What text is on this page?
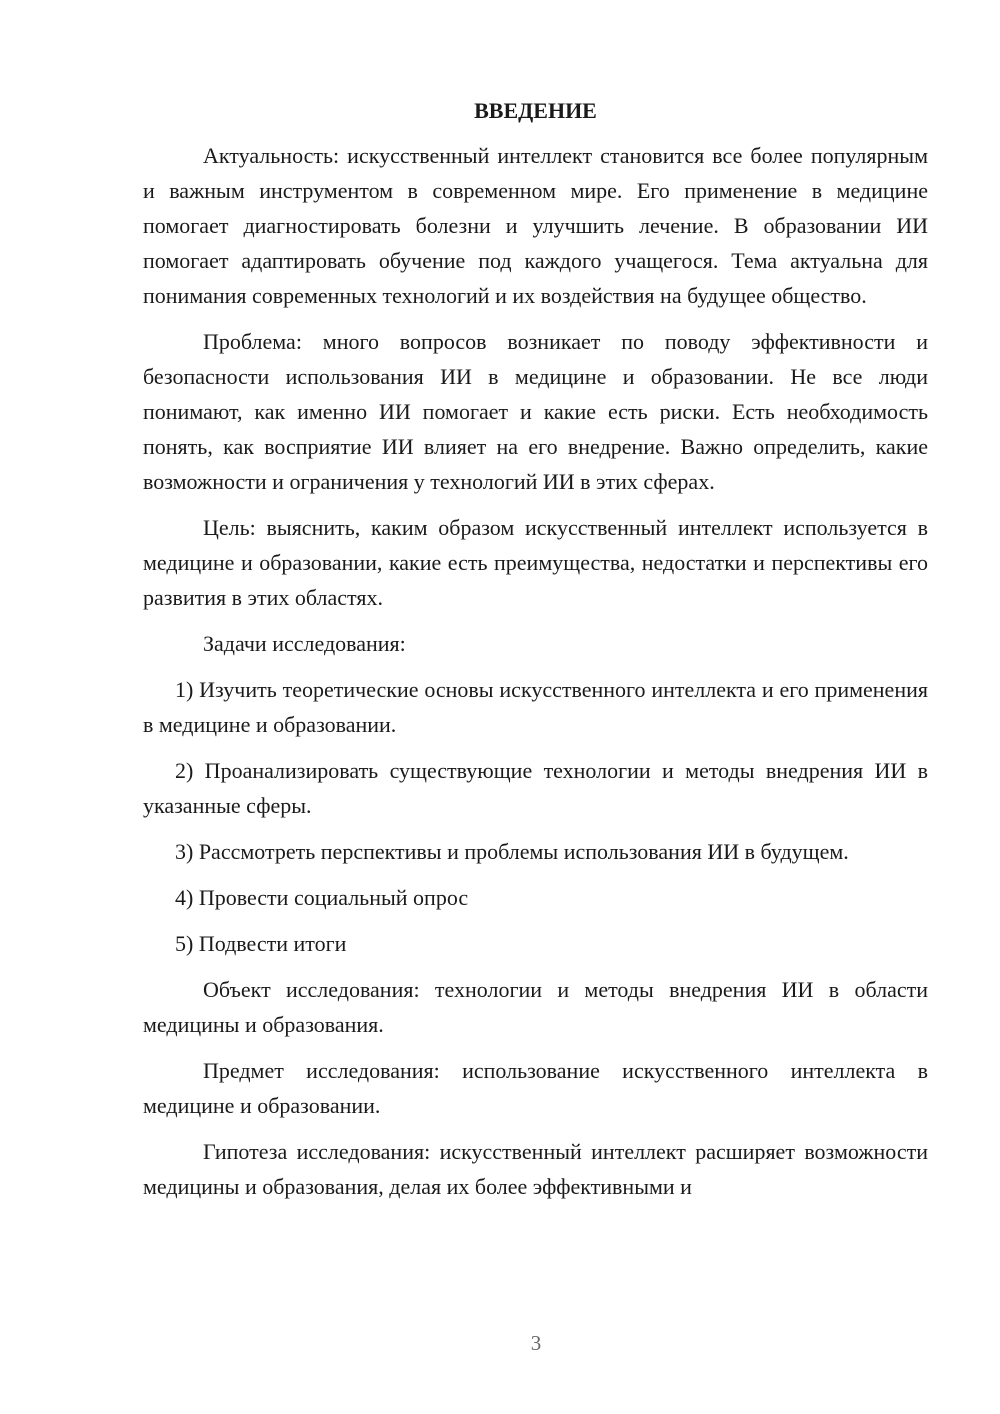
ВВЕДЕНИЕ

Актуальность: искусственный интеллект становится все более популярным и важным инструментом в современном мире. Его применение в медицине помогает диагностировать болезни и улучшить лечение. В образовании ИИ помогает адаптировать обучение под каждого учащегося. Тема актуальна для понимания современных технологий и их воздействия на будущее общество.

Проблема: много вопросов возникает по поводу эффективности и безопасности использования ИИ в медицине и образовании. Не все люди понимают, как именно ИИ помогает и какие есть риски. Есть необходимость понять, как восприятие ИИ влияет на его внедрение. Важно определить, какие возможности и ограничения у технологий ИИ в этих сферах.

Цель: выяснить, каким образом искусственный интеллект используется в медицине и образовании, какие есть преимущества, недостатки и перспективы его развития в этих областях.

Задачи исследования:

1) Изучить теоретические основы искусственного интеллекта и его применения в медицине и образовании.

2) Проанализировать существующие технологии и методы внедрения ИИ в указанные сферы.

3) Рассмотреть перспективы и проблемы использования ИИ в будущем.

4) Провести социальный опрос

5) Подвести итоги

Объект исследования: технологии и методы внедрения ИИ в области медицины и образования.

Предмет исследования: использование искусственного интеллекта в медицине и образовании.

Гипотеза исследования: искусственный интеллект расширяет возможности медицины и образования, делая их более эффективными и

3
